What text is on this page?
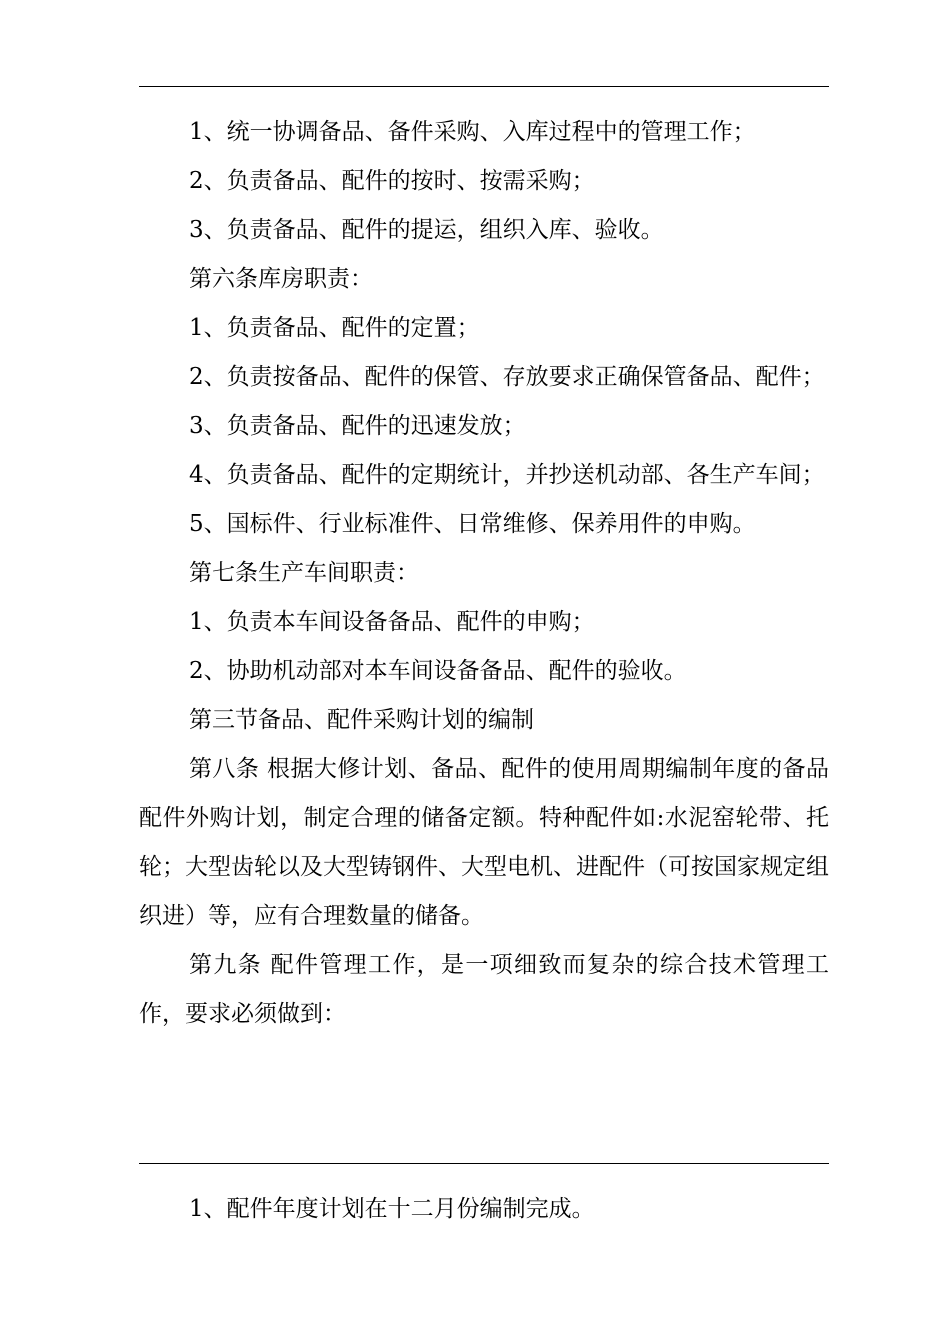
1、统一协调备品、备件采购、入库过程中的管理工作；

2、负责备品、配件的按时、按需采购；

3、负责备品、配件的提运，组织入库、验收。

第六条库房职责：

1、负责备品、配件的定置；

2、负责按备品、配件的保管、存放要求正确保管备品、配件；

3、负责备品、配件的迅速发放；

4、负责备品、配件的定期统计，并抄送机动部、各生产车间；

5、国标件、行业标准件、日常维修、保养用件的申购。

第七条生产车间职责：

1、负责本车间设备备品、配件的申购；

2、协助机动部对本车间设备备品、配件的验收。

第三节备品、配件采购计划的编制

第八条 根据大修计划、备品、配件的使用周期编制年度的备品配件外购计划，制定合理的储备定额。特种配件如:水泥窑轮带、托轮；大型齿轮以及大型铸钢件、大型电机、进配件（可按国家规定组织进）等，应有合理数量的储备。

第九条 配件管理工作，是一项细致而复杂的综合技术管理工作，要求必须做到：

1、配件年度计划在十二月份编制完成。
